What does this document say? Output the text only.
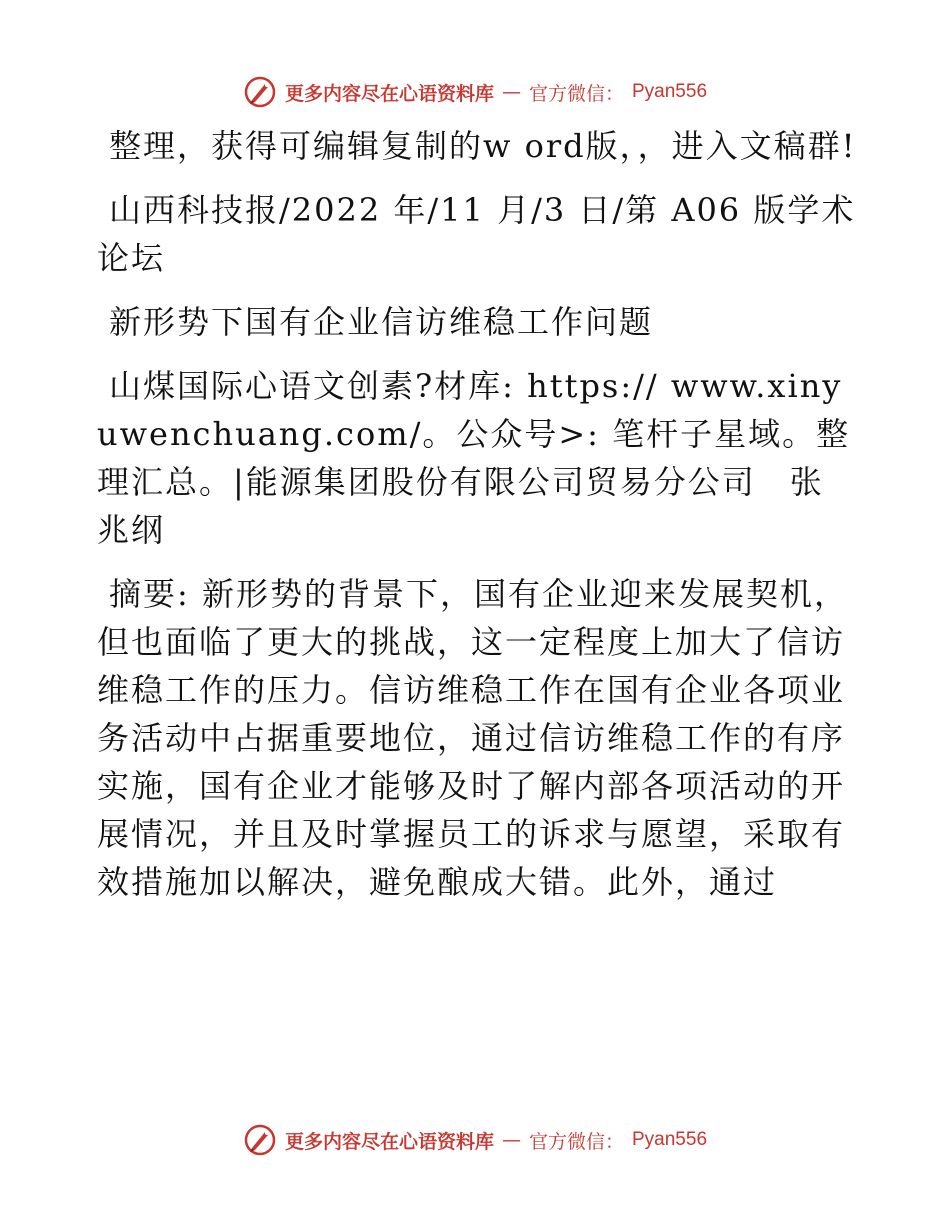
更多内容尽在心语资料库 — 官方微信： Pyan556

整理，获得可编辑复制的w ord版，，进入文稿群!

山西科技报/2022 年/11 月/3 日/第 A06 版学术论坛

新形势下国有企业信访维稳工作问题

山煤国际心语文创素?材库: https:// www.xinyuwenchuang.com/。公众号>: 笔杆子星域。整理汇总。|能源集团股份有限公司贸易分公司　张兆纲

摘要: 新形势的背景下，国有企业迎来发展契机，但也面临了更大的挑战，这一定程度上加大了信访维稳工作的压力。信访维稳工作在国有企业各项业务活动中占据重要地位，通过信访维稳工作的有序实施，国有企业才能够及时了解内部各项活动的开展情况，并且及时掌握员工的诉求与愿望，采取有效措施加以解决，避免酿成大错。此外，通过

更多内容尽在心语资料库 — 官方微信： Pyan556
